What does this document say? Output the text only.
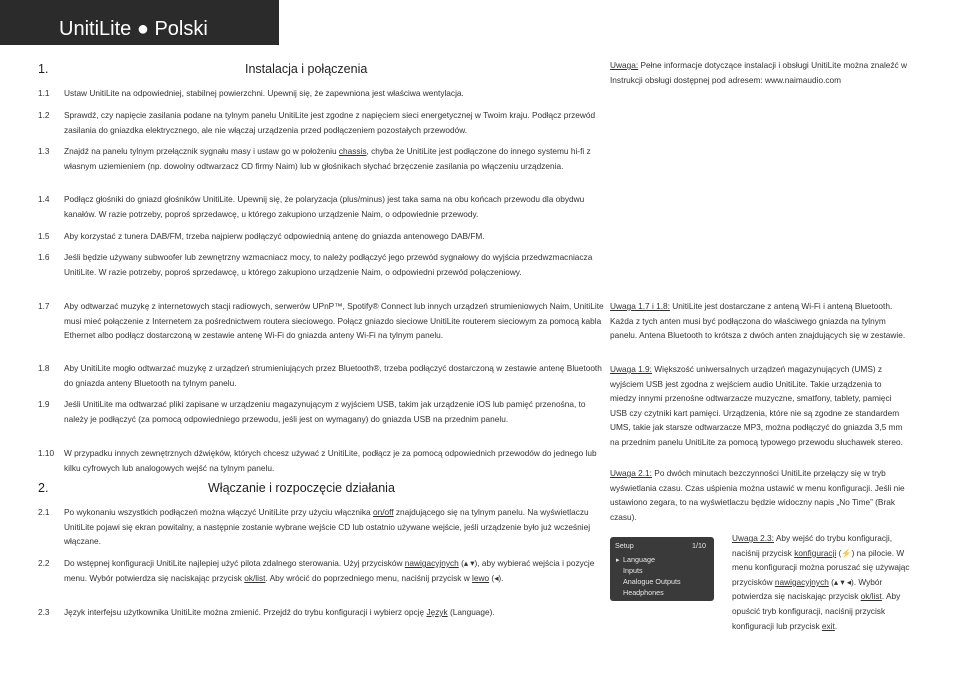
UnitiLite ● Polski
1.	Instalacja i połączenia
1.1 Ustaw UnitiLite na odpowiedniej, stabilnej powierzchni. Upewnij się, że zapewniona jest właściwa wentylacja.
1.2 Sprawdź, czy napięcie zasilania podane na tylnym panelu UnitiLite jest zgodne z napięciem sieci energetycznej w Twoim kraju. Podłącz przewód zasilania do gniazdka elektrycznego, ale nie włączaj urządzenia przed podłączeniem pozostałych przewodów.
1.3 Znajdź na panelu tylnym przełącznik sygnału masy i ustaw go w położeniu chassis, chyba że UnitiLite jest podłączone do innego systemu hi-fi z własnym uziemieniem (np. dowolny odtwarzacz CD firmy Naim) lub w głośnikach słychać brzęczenie zasilania po włączeniu urządzenia.
1.4 Podłącz głośniki do gniazd głośników UnitiLite. Upewnij się, że polaryzacja (plus/minus) jest taka sama na obu końcach przewodu dla obydwu kanałów. W razie potrzeby, poproś sprzedawcę, u którego zakupiono urządzenie Naim, o odpowiednie przewody.
1.5 Aby korzystać z tunera DAB/FM, trzeba najpierw podłączyć odpowiednią antenę do gniazda antenowego DAB/FM.
1.6 Jeśli będzie używany subwoofer lub zewnętrzny wzmacniacz mocy, to należy podłączyć jego przewód sygnałowy do wyjścia przedwzmacniacza UnitiLite. W razie potrzeby, poproś sprzedawcę, u którego zakupiono urządzenie Naim, o odpowiedni przewód połączeniowy.
1.7 Aby odtwarzać muzykę z internetowych stacji radiowych, serwerów UPnP™, Spotify® Connect lub innych urządzeń strumieniowych Naim, UnitiLite musi mieć połączenie z Internetem za pośrednictwem routera sieciowego. Połącz gniazdo sieciowe UnitiLite routerem sieciowym za pomocą kabla Ethernet albo podłącz dostarczoną w zestawie antenę Wi-Fi do gniazda anteny Wi-Fi na tylnym panelu.
1.8 Aby UnitiLite mogło odtwarzać muzykę z urządzeń strumieniujących przez Bluetooth®, trzeba podłączyć dostarczoną w zestawie antenę Bluetooth do gniazda anteny Bluetooth na tylnym panelu.
1.9 Jeśli UnitiLite ma odtwarzać pliki zapisane w urządzeniu magazynującym z wyjściem USB, takim jak urządzenie iOS lub pamięć przenośna, to należy je podłączyć (za pomocą odpowiedniego przewodu, jeśli jest on wymagany) do gniazda USB na przednim panelu.
1.10 W przypadku innych zewnętrznych dźwięków, których chcesz używać z UnitiLite, podłącz je za pomocą odpowiednich przewodów do jednego lub kilku cyfrowych lub analogowych wejść na tylnym panelu.
2.	Włączanie i rozpoczęcie działania
2.1 Po wykonaniu wszystkich podłączeń można włączyć UnitiLite przy użyciu włącznika on/off znajdującego się na tylnym panelu. Na wyświetlaczu UnitiLite pojawi się ekran powitalny, a następnie zostanie wybrane wejście CD lub ostatnio używane wejście, jeśli urządzenie było już wcześniej włączane.
2.2 Do wstępnej konfiguracji UnitiLite najlepiej użyć pilota zdalnego sterowania. Użyj przycisków nawigacyjnych (▴ ▾), aby wybierać wejścia i pozycje menu. Wybór potwierdza się naciskając przycisk ok/list. Aby wrócić do poprzedniego menu, naciśnij przycisk w lewo (◂).
2.3 Język interfejsu użytkownika UnitiLite można zmienić. Przejdź do trybu konfiguracji i wybierz opcję Język (Language).
Uwaga: Pełne informacje dotyczące instalacji i obsługi UnitiLite można znaleźć w Instrukcji obsługi dostępnej pod adresem: www.naimaudio.com
Uwaga 1.7 i 1.8: UnitiLite jest dostarczane z anteną Wi-Fi i anteną Bluetooth. Każda z tych anten musi być podłączona do właściwego gniazda na tylnym panelu. Antena Bluetooth to krótsza z dwóch anten znajdujących się w zestawie.
Uwaga 1.9: Większość uniwersalnych urządzeń magazynujących (UMS) z wyjściem USB jest zgodna z wejściem audio UnitiLite. Takie urządzenia to miedzy innymi przenośne odtwarzacze muzyczne, smatfony, tablety, pamięci USB czy czytniki kart pamięci. Urządzenia, które nie są zgodne ze standardem UMS, takie jak starsze odtwarzacze MP3, można podłączyć do gniazda 3,5 mm na przednim panelu UnitiLite za pomocą typowego przewodu słuchawek stereo.
Uwaga 2.1: Po dwóch minutach bezczynności UnitiLite przełączy się w tryb wyświetlania czasu. Czas uśpienia można ustawić w menu konfiguracji. Jeśli nie ustawiono zegara, to na wyświetlaczu będzie widoczny napis „No Time” (Brak czasu).
Setup	1/10
▸ Language
Inputs
Analogue Outputs
Headphones
Uwaga 2.3: Aby wejść do trybu konfiguracji, naciśnij przycisk konfiguracji (⚡) na pilocie. W menu konfiguracji można poruszać się używając przycisków nawigacyjnych (▴ ▾ ◂). Wybór potwierdza się naciskając przycisk ok/list. Aby opuścić tryb konfiguracji, naciśnij przycisk konfiguracji lub przycisk exit.
